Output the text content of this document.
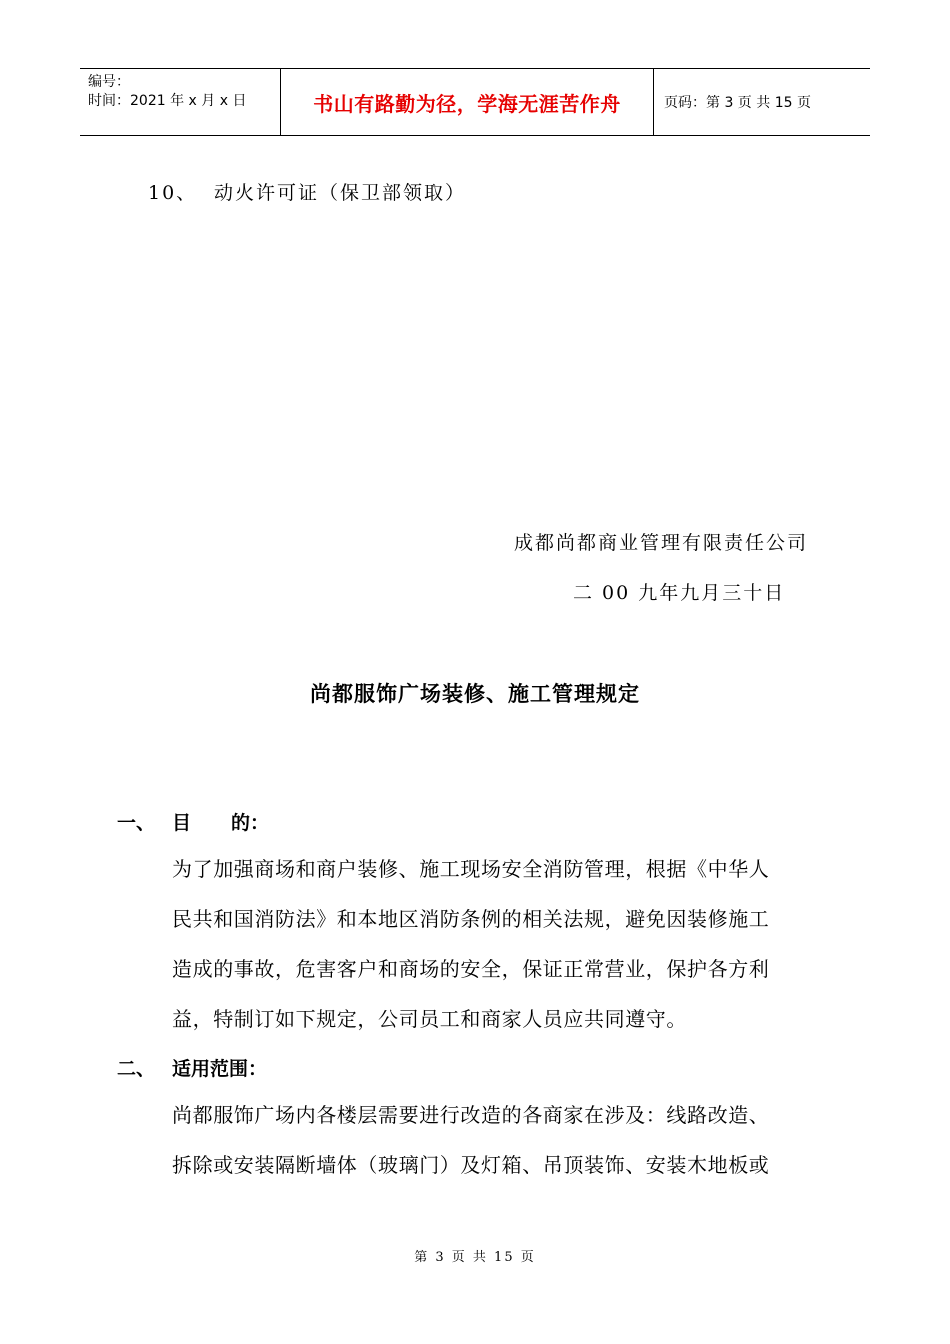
编号：
时间：2021 年 x 月 x 日	书山有路勤为径，学海无涯苦作舟	页码：第 3 页 共 15 页
10、 动火许可证（保卫部领取）
成都尚都商业管理有限责任公司
二 00 九年九月三十日
尚都服饰广场装修、施工管理规定
一、 目 的：
为了加强商场和商户装修、施工现场安全消防管理，根据《中华人
民共和国消防法》和本地区消防条例的相关法规，避免因装修施工
造成的事故，危害客户和商场的安全，保证正常营业，保护各方利
益，特制订如下规定，公司员工和商家人员应共同遵守。
二、 适用范围：
尚都服饰广场内各楼层需要进行改造的各商家在涉及：线路改造、
拆除或安装隔断墙体（玻璃门）及灯箱、吊顶装饰、安装木地板或
第 3 页 共 15 页
